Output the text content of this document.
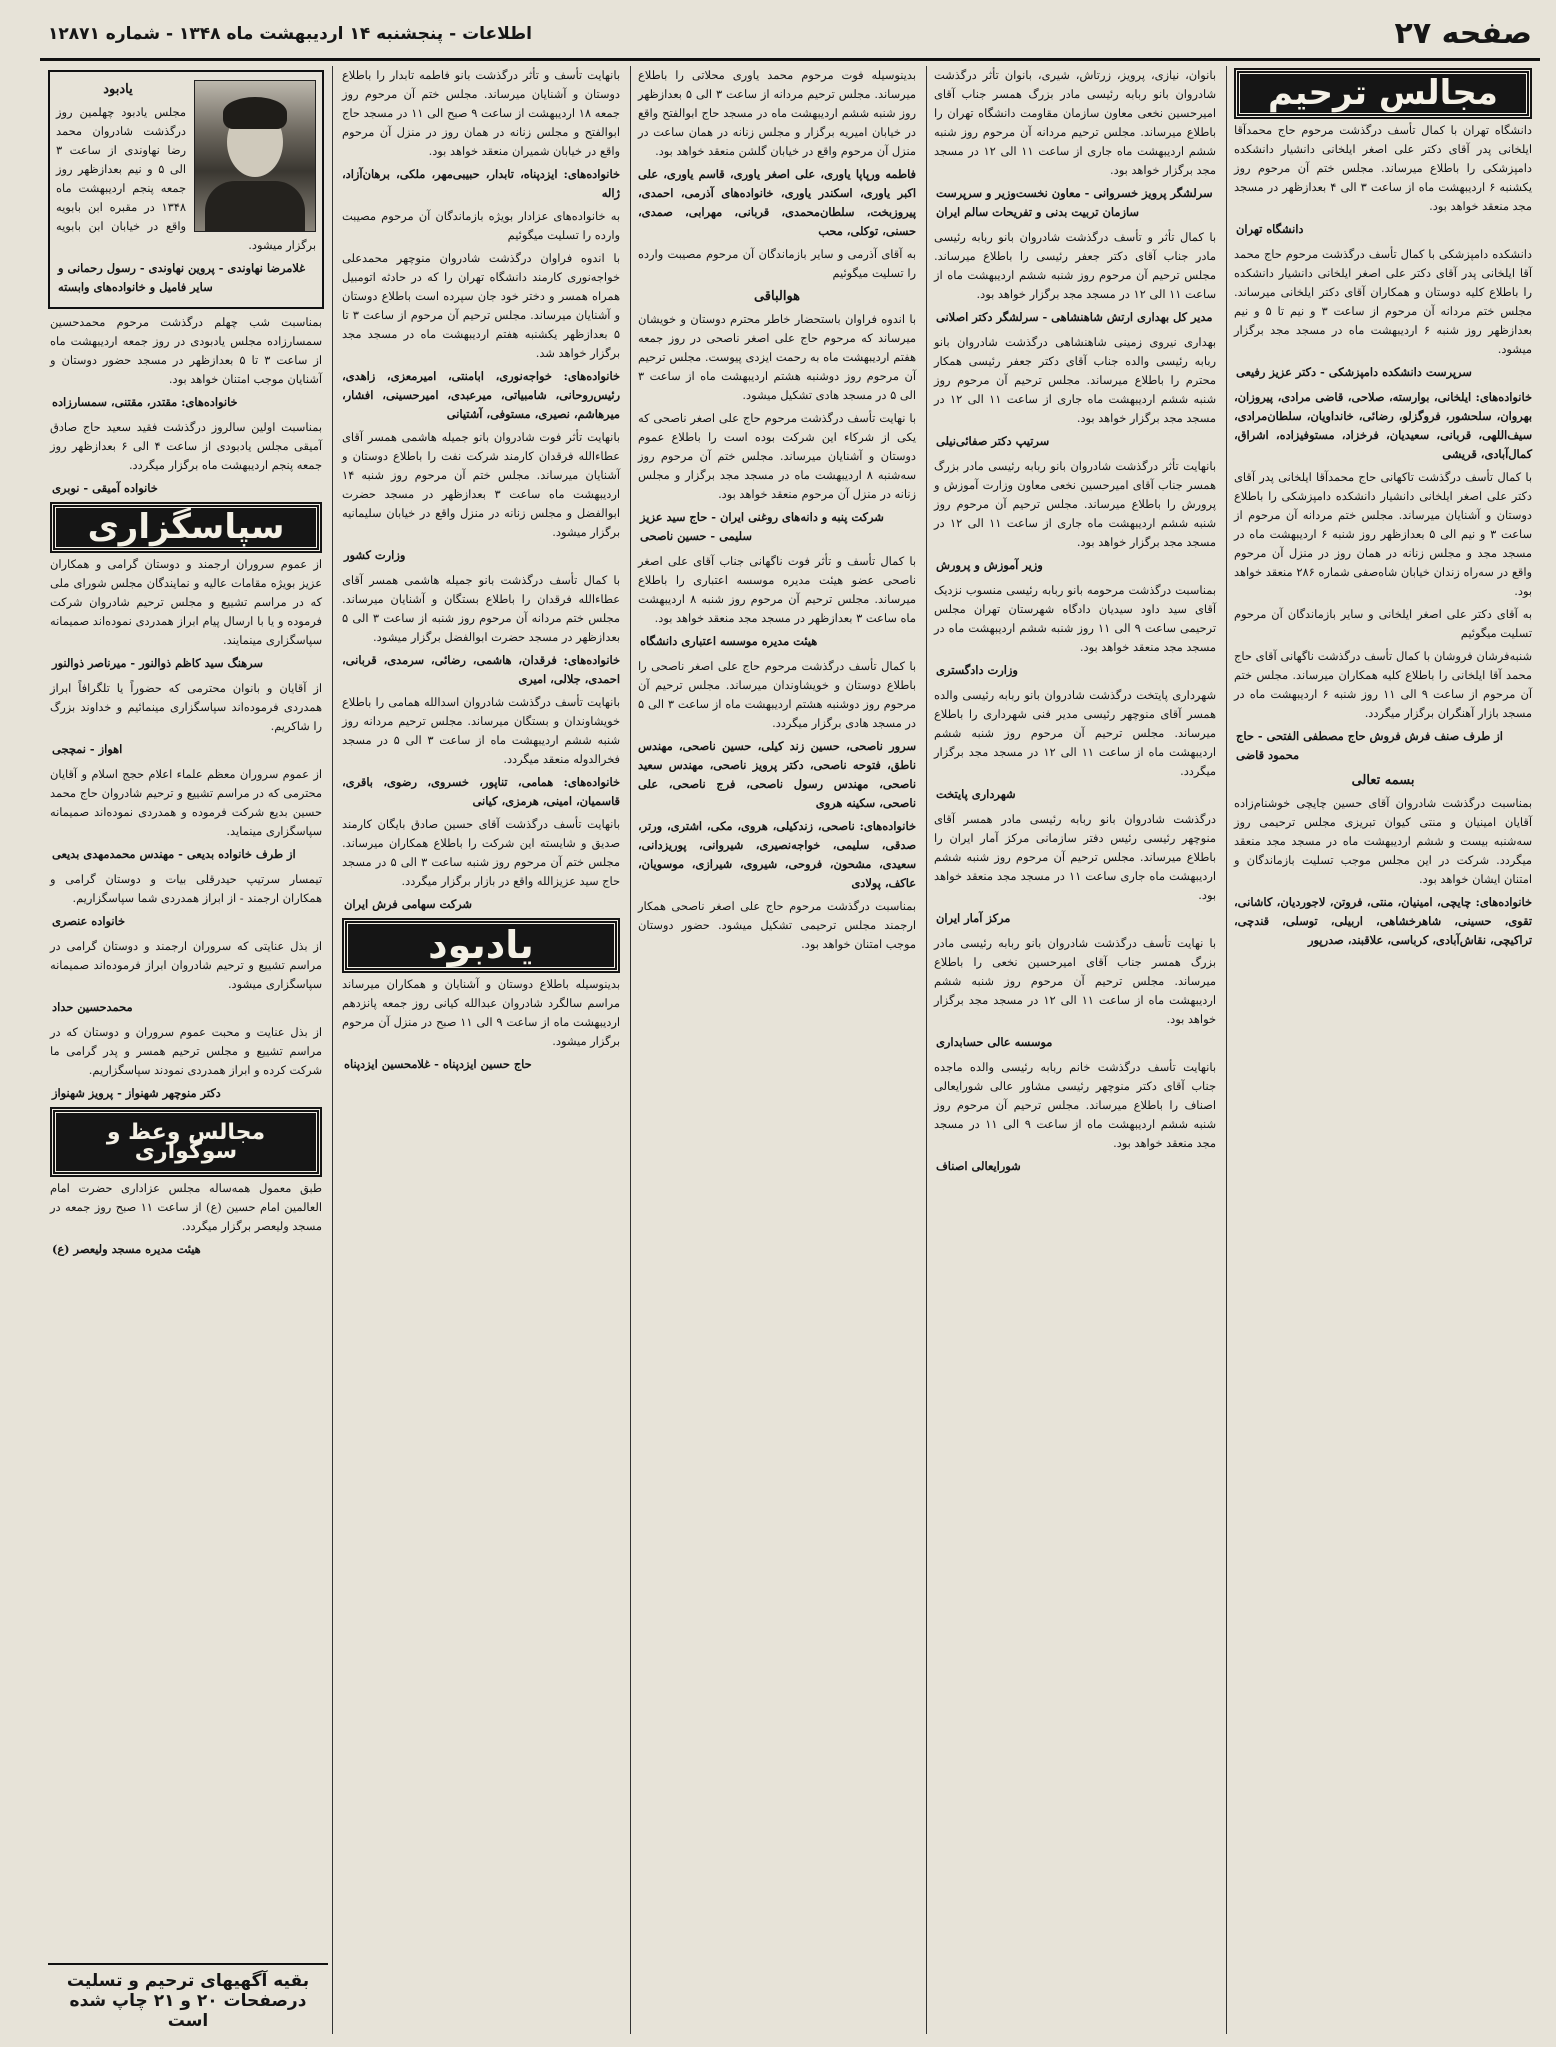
صفحه ۲۷
اطلاعات - پنجشنبه ۱۴ اردیبهشت ماه ۱۳۴۸ - شماره ۱۲۸۷۱
مجالس ترحیم

دانشگاه تهران با کمال تأسف درگذشت مرحوم حاج محمدآقا ایلخانی پدر آقای دکتر علی اصغر ایلخانی دانشیار دانشکده دامپزشکی را باطلاع میرساند. مجلس ختم آن مرحوم روز یکشنبه ۶ اردیبهشت ماه از ساعت ۳ الی ۴ بعدازظهر در مسجد مجد منعقد خواهد بود.

دانشگاه تهران

دانشکده دامپزشکی با کمال تأسف درگذشت مرحوم حاج محمد آقا ایلخانی پدر آقای دکتر علی اصغر ایلخانی دانشیار دانشکده را باطلاع کلیه دوستان و همکاران آقای دکتر ایلخانی میرساند. مجلس ختم مردانه آن مرحوم از ساعت ۳ و نیم تا ۵ و نیم بعدازظهر روز شنبه ۶ اردیبهشت ماه در مسجد مجد برگزار میشود.

سرپرست دانشکده دامپزشکی - دکتر عزیز رفیعی

خانواده‌های: ایلخانی، بوارسته، صلاحی، قاضی مرادی، پیروزان، بهروان، سلحشور، فروگزلو، رضائی، خانداویان، سلطان‌مرادی، سیف‌اللهی، قربانی، سعیدیان، فرخزاد، مستوفیزاده، اشراق، کمال‌آبادی، قریشی

با کمال تأسف درگذشت تاکهانی حاج محمدآقا ایلخانی پدر آقای دکتر علی اصغر ایلخانی دانشیار دانشکده دامپزشکی را باطلاع دوستان و آشنایان میرساند. مجلس ختم مردانه آن مرحوم از ساعت ۳ و نیم الی ۵ بعدازظهر روز شنبه ۶ اردیبهشت ماه در مسجد مجد و مجلس زنانه در همان روز در منزل آن مرحوم واقع در سه‌راه زندان خیابان شاه‌صفی شماره ۲۸۶ منعقد خواهد بود.

به آقای دکتر علی اصغر ایلخانی و سایر بازماندگان آن مرحوم تسلیت میگوئیم

شنبه‌فرشان فروشان با کمال تأسف درگذشت ناگهانی آقای حاج محمد آقا ایلخانی را باطلاع کلیه همکاران میرساند. مجلس ختم آن مرحوم از ساعت ۹ الی ۱۱ روز شنبه ۶ اردیبهشت ماه در مسجد بازار آهنگران برگزار میگردد.

از طرف صنف فرش فروش حاج مصطفی الفتحی - حاج محمود قاضی
بسمه تعالی

بمناسبت درگذشت شادروان آقای حسین چایچی خوشنام‌زاده آقایان امینیان و منتی کیوان تبریزی مجلس ترحیمی روز سه‌شنبه بیست و ششم اردیبهشت ماه در مسجد مجد منعقد میگردد. شرکت در این مجلس موجب تسلیت بازماندگان و امتنان ایشان خواهد بود.

خانواده‌های: چایچی، امینیان، منتی، فروتن، لاجوردیان، کاشانی، تقوی، حسینی، شاهرخشاهی، اربیلی، توسلی، قندچی، تراکیچی، نقاش‌آبادی، کرباسی، علاقبند، صدرپور

بانوان، نیازی، پرویز، زرتاش، شیری، بانوان تأثر درگذشت شادروان بانو ربابه رئیسی مادر بزرگ همسر جناب آقای امیرحسین نخعی معاون سازمان مقاومت دانشگاه تهران را باطلاع میرساند. مجلس ترحیم مردانه آن مرحوم روز شنبه ششم اردیبهشت ماه جاری از ساعت ۱۱ الی ۱۲ در مسجد مجد برگزار خواهد بود.

سرلشگر پرویز خسروانی - معاون نخست‌وزیر و سرپرست سازمان تربیت بدنی و تفریحات سالم ایران

با کمال تأثر و تأسف درگذشت شادروان بانو ربابه رئیسی مادر جناب آقای دکتر جعفر رئیسی را باطلاع میرساند. مجلس ترحیم آن مرحوم روز شنبه ششم اردیبهشت ماه از ساعت ۱۱ الی ۱۲ در مسجد مجد برگزار خواهد بود.

مدیر کل بهداری ارتش شاهنشاهی - سرلشگر دکتر اصلانی

بهداری نیروی زمینی شاهنشاهی درگذشت شادروان بانو ربابه رئیسی والده جناب آقای دکتر جعفر رئیسی همکار محترم را باطلاع میرساند. مجلس ترحیم آن مرحوم روز شنبه ششم اردیبهشت ماه جاری از ساعت ۱۱ الی ۱۲ در مسجد مجد برگزار خواهد بود.

سرتیپ دکتر صفائی‌نیلی

بانهایت تأثر درگذشت شادروان بانو ربابه رئیسی مادر بزرگ همسر جناب آقای امیرحسین نخعی معاون وزارت آموزش و پرورش را باطلاع میرساند. مجلس ترحیم آن مرحوم روز شنبه ششم اردیبهشت ماه جاری از ساعت ۱۱ الی ۱۲ در مسجد مجد برگزار خواهد بود.

وزیر آموزش و پرورش

بمناسبت درگذشت مرحومه بانو ربابه رئیسی منسوب نزدیک آقای سید داود سیدیان دادگاه شهرستان تهران مجلس ترحیمی ساعت ۹ الی ۱۱ روز شنبه ششم اردیبهشت ماه در مسجد مجد منعقد خواهد بود.

وزارت دادگستری

شهرداری پایتخت درگذشت شادروان بانو ربابه رئیسی والده همسر آقای منوچهر رئیسی مدیر فنی شهرداری را باطلاع میرساند. مجلس ترحیم آن مرحوم روز شنبه ششم اردیبهشت ماه از ساعت ۱۱ الی ۱۲ در مسجد مجد برگزار میگردد.

شهرداری پایتخت

درگذشت شادروان بانو ربابه رئیسی مادر همسر آقای منوچهر رئیسی رئیس دفتر سازمانی مرکز آمار ایران را باطلاع میرساند. مجلس ترحیم آن مرحوم روز شنبه ششم اردیبهشت ماه جاری ساعت ۱۱ در مسجد مجد منعقد خواهد بود.

مرکز آمار ایران

با نهایت تأسف درگذشت شادروان بانو ربابه رئیسی مادر بزرگ همسر جناب آقای امیرحسین نخعی را باطلاع میرساند. مجلس ترحیم آن مرحوم روز شنبه ششم اردیبهشت ماه از ساعت ۱۱ الی ۱۲ در مسجد مجد برگزار خواهد بود.

موسسه عالی حسابداری

بانهایت تأسف درگذشت خانم ربابه رئیسی والده ماجده جناب آقای دکتر منوچهر رئیسی مشاور عالی شورایعالی اصناف را باطلاع میرساند. مجلس ترحیم آن مرحوم روز شنبه ششم اردیبهشت ماه از ساعت ۹ الی ۱۱ در مسجد مجد منعقد خواهد بود.

شورایعالی اصناف

بدینوسیله فوت مرحوم محمد یاوری محلاتی را باطلاع میرساند. مجلس ترحیم مردانه از ساعت ۳ الی ۵ بعدازظهر روز شنبه ششم اردیبهشت ماه در مسجد حاج ابوالفتح واقع در خیابان امیریه برگزار و مجلس زنانه در همان ساعت در منزل آن مرحوم واقع در خیابان گلشن منعقد خواهد بود.

فاطمه ورپاپا یاوری، علی اصغر یاوری، قاسم یاوری، علی اکبر یاوری، اسکندر یاوری، خانواده‌های آذرمی، احمدی، پیروزبخت، سلطان‌محمدی، قربانی، مهرابی، صمدی، حسنی، توکلی، محب

به آقای آذرمی و سایر بازماندگان آن مرحوم مصیبت وارده را تسلیت میگوئیم

هوالباقی

با اندوه فراوان باستحضار خاطر محترم دوستان و خویشان میرساند که مرحوم حاج علی اصغر ناصحی در روز جمعه هفتم اردیبهشت ماه به رحمت ایزدی پیوست. مجلس ترحیم آن مرحوم روز دوشنبه هشتم اردیبهشت ماه از ساعت ۳ الی ۵ در مسجد هادی تشکیل میشود.

با نهایت تأسف درگذشت مرحوم حاج علی اصغر ناصحی که یکی از شرکاء این شرکت بوده است را باطلاع عموم دوستان و آشنایان میرساند. مجلس ختم آن مرحوم روز سه‌شنبه ۸ اردیبهشت ماه در مسجد مجد برگزار و مجلس زنانه در منزل آن مرحوم منعقد خواهد بود.

شرکت پنبه و دانه‌های روغنی ایران - حاج سید عزیز سلیمی - حسین ناصحی

با کمال تأسف و تأثر فوت ناگهانی جناب آقای علی اصغر ناصحی عضو هیئت مدیره موسسه اعتباری را باطلاع میرساند. مجلس ترحیم آن مرحوم روز شنبه ۸ اردیبهشت ماه ساعت ۳ بعدازظهر در مسجد مجد منعقد خواهد بود.

هیئت مدیره موسسه اعتباری دانشگاه

با کمال تأسف درگذشت مرحوم حاج علی اصغر ناصحی را باطلاع دوستان و خویشاوندان میرساند. مجلس ترحیم آن مرحوم روز دوشنبه هشتم اردیبهشت ماه از ساعت ۳ الی ۵ در مسجد هادی برگزار میگردد.

سرور ناصحی، حسین زند کیلی، حسین ناصحی، مهندس ناطق، فتوحه ناصحی، دکتر پرویز ناصحی، مهندس سعید ناصحی، مهندس رسول ناصحی، فرج ناصحی، علی ناصحی، سکینه هروی

خانواده‌های: ناصحی، زندکیلی، هروی، مکی، اشتری، ورتر، صدقی، سلیمی، خواجه‌نصیری، شیروانی، پوریزدانی، سعیدی، مشحون، فروحی، شیروی، شیرازی، موسویان، عاکف، پولادی

بمناسبت درگذشت مرحوم حاج علی اصغر ناصحی همکار ارجمند مجلس ترحیمی تشکیل میشود. حضور دوستان موجب امتنان خواهد بود.

بانهایت تأسف و تأثر درگذشت بانو فاطمه تابدار را باطلاع دوستان و آشنایان میرساند. مجلس ختم آن مرحوم روز جمعه ۱۸ اردیبهشت از ساعت ۹ صبح الی ۱۱ در مسجد حاج ابوالفتح و مجلس زنانه در همان روز در منزل آن مرحوم واقع در خیابان شمیران منعقد خواهد بود.

خانواده‌های: ایزدپناه، تابدار، حبیبی‌مهر، ملکی، برهان‌آزاد، ژاله

به خانواده‌های عزادار بویژه بازماندگان آن مرحوم مصیبت وارده را تسلیت میگوئیم

با اندوه فراوان درگذشت شادروان منوچهر محمدعلی خواجه‌نوری کارمند دانشگاه تهران را که در حادثه اتومبیل همراه همسر و دختر خود جان سپرده است باطلاع دوستان و آشنایان میرساند. مجلس ترحیم آن مرحوم از ساعت ۳ تا ۵ بعدازظهر یکشنبه هفتم اردیبهشت ماه در مسجد مجد برگزار خواهد شد.

خانواده‌های: خواجه‌نوری، ابامنتی، امیرمعزی، زاهدی، رئیس‌روحانی، شامبیاتی، میرعبدی، امیرحسینی، افشار، میرهاشم، نصیری، مستوفی، آشتیانی

بانهایت تأثر فوت شادروان بانو جمیله هاشمی همسر آقای عطاءالله فرقدان کارمند شرکت نفت را باطلاع دوستان و آشنایان میرساند. مجلس ختم آن مرحوم روز شنبه ۱۴ اردیبهشت ماه ساعت ۳ بعدازظهر در مسجد حضرت ابوالفضل و مجلس زنانه در منزل واقع در خیابان سلیمانیه برگزار میشود.

وزارت کشور

با کمال تأسف درگذشت بانو جمیله هاشمی همسر آقای عطاءالله فرقدان را باطلاع بستگان و آشنایان میرساند. مجلس ختم مردانه آن مرحوم روز شنبه از ساعت ۳ الی ۵ بعدازظهر در مسجد حضرت ابوالفضل برگزار میشود.

خانواده‌های: فرقدان، هاشمی، رضائی، سرمدی، قربانی، احمدی، جلالی، امیری

بانهایت تأسف درگذشت شادروان اسدالله همامی را باطلاع خویشاوندان و بستگان میرساند. مجلس ترحیم مردانه روز شنبه ششم اردیبهشت ماه از ساعت ۳ الی ۵ در مسجد فخرالدوله منعقد میگردد.

خانواده‌های: همامی، تناپور، خسروی، رضوی، باقری، قاسمیان، امینی، هرمزی، کیانی

بانهایت تأسف درگذشت آقای حسین صادق بایگان کارمند صدیق و شایسته این شرکت را باطلاع همکاران میرساند. مجلس ختم آن مرحوم روز شنبه ساعت ۳ الی ۵ در مسجد حاج سید عزیزالله واقع در بازار برگزار میگردد.

شرکت سهامی فرش ایران
یادبود

بدینوسیله باطلاع دوستان و آشنایان و همکاران میرساند مراسم سالگرد شادروان عبدالله کیانی روز جمعه پانزدهم اردیبهشت ماه از ساعت ۹ الی ۱۱ صبح در منزل آن مرحوم برگزار میشود.

حاج حسین ایزدپناه - غلامحسین ایزدپناه
یادبود

مجلس یادبود چهلمین روز درگذشت شادروان محمد رضا نهاوندی از ساعت ۳ الی ۵ و نیم بعدازظهر روز جمعه پنجم اردیبهشت ماه ۱۳۴۸ در مقبره ابن بابویه واقع در خیابان ابن بابویه برگزار میشود.

غلامرضا نهاوندی - پروین نهاوندی - رسول رحمانی و سایر فامیل و خانواده‌های وابسته

بمناسبت شب چهلم درگذشت مرحوم محمدحسین سمسارزاده مجلس یادبودی در روز جمعه اردیبهشت ماه از ساعت ۳ تا ۵ بعدازظهر در مسجد حضور دوستان و آشنایان موجب امتنان خواهد بود.

خانواده‌های: مقتدر، مقتنی، سمسارزاده

بمناسبت اولین سالروز درگذشت فقید سعید حاج صادق آمیقی مجلس یادبودی از ساعت ۴ الی ۶ بعدازظهر روز جمعه پنجم اردیبهشت ماه برگزار میگردد.

خانواده آمیقی - نوبری
سپاسگزاری

از عموم سروران ارجمند و دوستان گرامی و همکاران عزیز بویژه مقامات عالیه و نمایندگان مجلس شورای ملی که در مراسم تشییع و مجلس ترحیم شادروان شرکت فرموده و یا با ارسال پیام ابراز همدردی نموده‌اند صمیمانه سپاسگزاری مینمایند.

سرهنگ سید کاظم ذوالنور - میرناصر ذوالنور

از آقایان و بانوان محترمی که حضوراً یا تلگرافاً ابراز همدردی فرموده‌اند سپاسگزاری مینمائیم و خداوند بزرگ را شاکریم.

اهواز - نمچجی

از عموم سروران معظم علماء اعلام حجج اسلام و آقایان محترمی که در مراسم تشییع و ترحیم شادروان حاج محمد حسین بدیع شرکت فرموده و همدردی نموده‌اند صمیمانه سپاسگزاری مینماید.

از طرف خانواده بدیعی - مهندس محمدمهدی بدیعی

تیمسار سرتیپ حیدرقلی بیات و دوستان گرامی و همکاران ارجمند - از ابراز همدردی شما سپاسگزاریم.

خانواده عنصری

از بذل عنایتی که سروران ارجمند و دوستان گرامی در مراسم تشییع و ترحیم شادروان ابراز فرموده‌اند صمیمانه سپاسگزاری میشود.

محمدحسین حداد

از بذل عنایت و محبت عموم سروران و دوستان که در مراسم تشییع و مجلس ترحیم همسر و پدر گرامی ما شرکت کرده و ابراز همدردی نمودند سپاسگزاریم.

دکتر منوچهر شهنواز - پرویز شهنواز
مجالس وعظ و سوگواری

طبق معمول همه‌ساله مجلس عزاداری حضرت امام العالمین امام حسین (ع) از ساعت ۱۱ صبح روز جمعه در مسجد ولیعصر برگزار میگردد.

هیئت مدیره مسجد ولیعصر (ع)
بقیه آگهیهای ترحیم و تسلیت درصفحات ۲۰ و ۲۱ چاپ شده است
